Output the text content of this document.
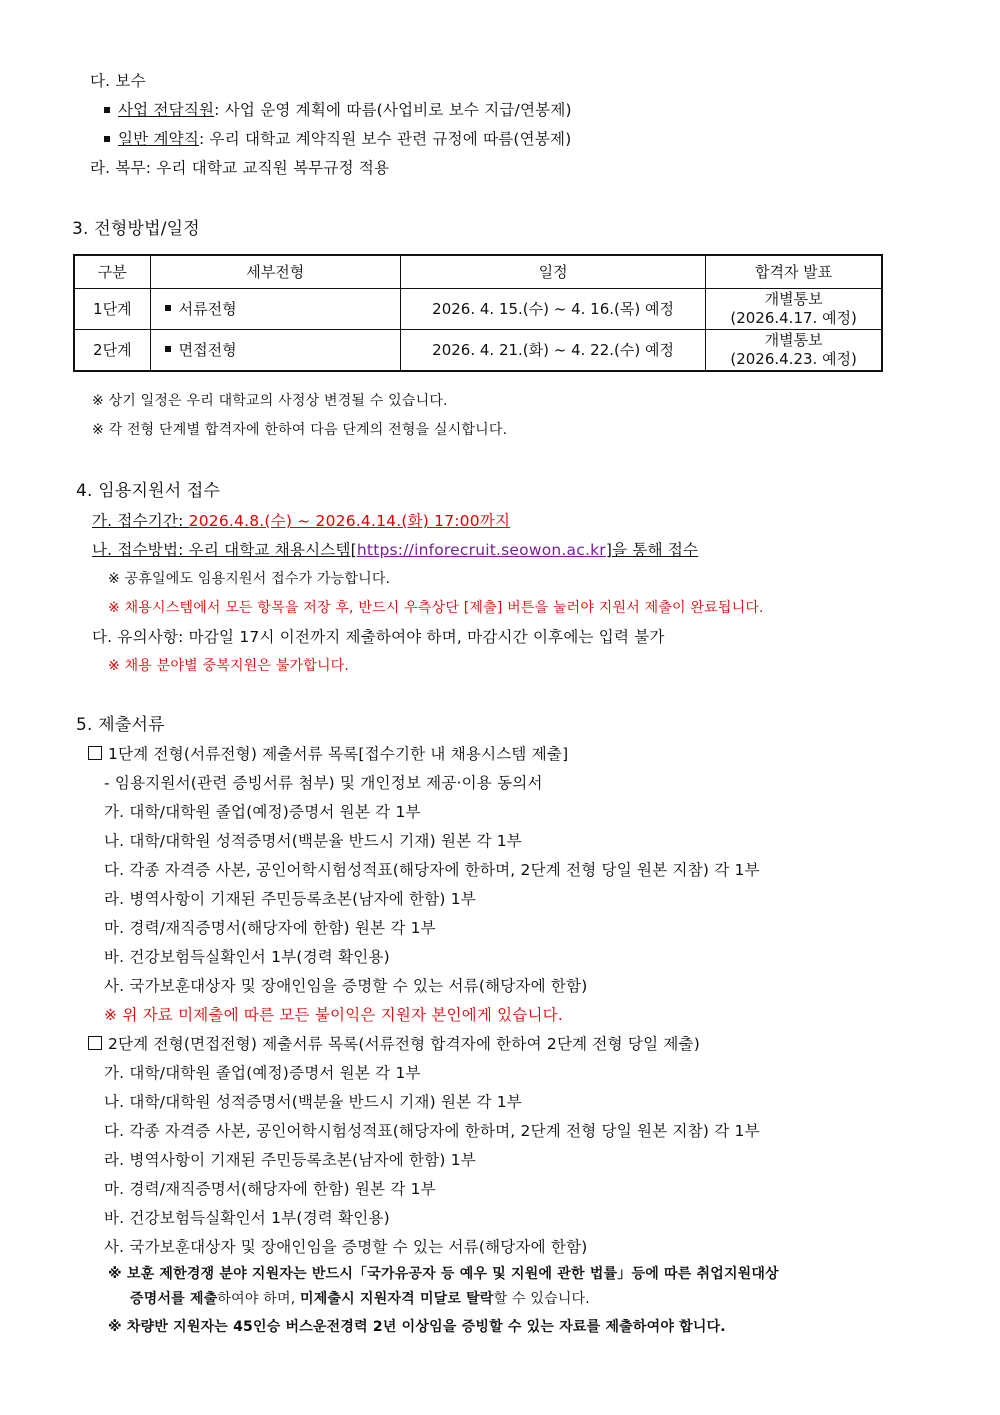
다. 보수
사업 전담직원: 사업 운영 계획에 따름(사업비로 보수 지급/연봉제)
일반 계약직: 우리 대학교 계약직원 보수 관련 규정에 따름(연봉제)
라. 복무: 우리 대학교 교직원 복무규정 적용
3. 전형방법/일정
구분	세부전형	일정	합격자 발표
1단계	서류전형	2026. 4. 15.(수) ~ 4. 16.(목) 예정	개별통보
(2026.4.17. 예정)

2단계	면접전형	2026. 4. 21.(화) ~ 4. 22.(수) 예정	개별통보
(2026.4.23. 예정)
※ 상기 일정은 우리 대학교의 사정상 변경될 수 있습니다.
※ 각 전형 단계별 합격자에 한하여 다음 단계의 전형을 실시합니다.
4. 임용지원서 접수
가. 접수기간: 2026.4.8.(수) ~ 2026.4.14.(화) 17:00까지
나. 접수방법: 우리 대학교 채용시스템[https://inforecruit.seowon.ac.kr]을 통해 접수
※ 공휴일에도 임용지원서 접수가 가능합니다.
※ 채용시스템에서 모든 항목을 저장 후, 반드시 우측상단 [제출] 버튼을 눌러야 지원서 제출이 완료됩니다.
다. 유의사항: 마감일 17시 이전까지 제출하여야 하며, 마감시간 이후에는 입력 불가
※ 채용 분야별 중복지원은 불가합니다.
5. 제출서류
1단계 전형(서류전형) 제출서류 목록[접수기한 내 채용시스템 제출]
- 임용지원서(관련 증빙서류 첨부) 및 개인정보 제공·이용 동의서
가. 대학/대학원 졸업(예정)증명서 원본 각 1부
나. 대학/대학원 성적증명서(백분율 반드시 기재) 원본 각 1부
다. 각종 자격증 사본, 공인어학시험성적표(해당자에 한하며, 2단계 전형 당일 원본 지참) 각 1부
라. 병역사항이 기재된 주민등록초본(남자에 한함) 1부
마. 경력/재직증명서(해당자에 한함) 원본 각 1부
바. 건강보험득실확인서 1부(경력 확인용)
사. 국가보훈대상자 및 장애인임을 증명할 수 있는 서류(해당자에 한함)
※ 위 자료 미제출에 따른 모든 불이익은 지원자 본인에게 있습니다.
2단계 전형(면접전형) 제출서류 목록(서류전형 합격자에 한하여 2단계 전형 당일 제출)
가. 대학/대학원 졸업(예정)증명서 원본 각 1부
나. 대학/대학원 성적증명서(백분율 반드시 기재) 원본 각 1부
다. 각종 자격증 사본, 공인어학시험성적표(해당자에 한하며, 2단계 전형 당일 원본 지참) 각 1부
라. 병역사항이 기재된 주민등록초본(남자에 한함) 1부
마. 경력/재직증명서(해당자에 한함) 원본 각 1부
바. 건강보험득실확인서 1부(경력 확인용)
사. 국가보훈대상자 및 장애인임을 증명할 수 있는 서류(해당자에 한함)
※ 보훈 제한경쟁 분야 지원자는 반드시「국가유공자 등 예우 및 지원에 관한 법률」등에 따른 취업지원대상
증명서를 제출하여야 하며, 미제출시 지원자격 미달로 탈락할 수 있습니다.
※ 차량반 지원자는 45인승 버스운전경력 2년 이상임을 증빙할 수 있는 자료를 제출하여야 합니다.
